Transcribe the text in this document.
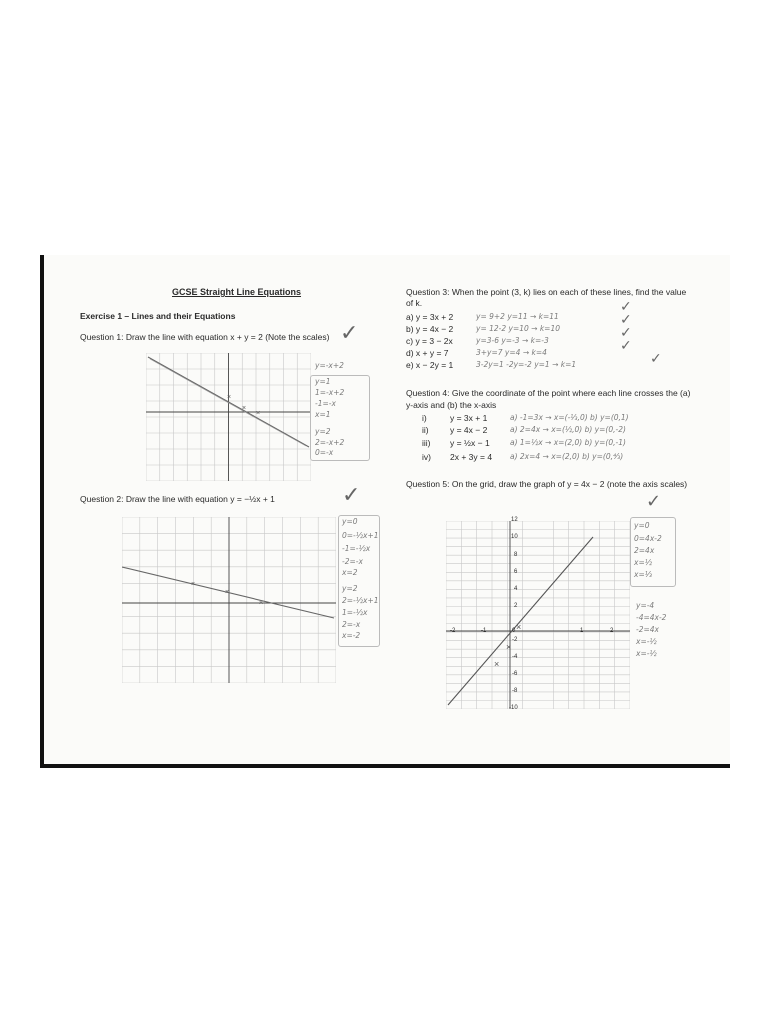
GCSE Straight Line Equations
Exercise 1 – Lines and their Equations
Question 1: Draw the line with equation x + y = 2 (Note the scales) ✓
×
×
×
y=-x+2
y=1
1=-x+2
-1=-x
x=1
y=2
2=-x+2
0=-x
Question 2: Draw the line with equation y = −½x + 1	✓
×
×
×
y=0
0=-½x+1
-1=-½x
-2=-x
x=2
y=2
2=-½x+1
1=-½x
2=-x
x=-2
Question 3: When the point (3, k) lies on each of these lines, find the value
of k.
a) y = 3x + 2	y= 9+2 y=11 → k=11
b) y = 4x − 2	y= 12-2 y=10 → k=10
c) y = 3 − 2x	y=3-6 y=-3 → k=-3
d) x + y = 7	3+y=7 y=4 → k=4
e) x − 2y = 1	3-2y=1 -2y=-2 y=1 → k=1
✓
✓
✓
✓
✓
Question 4: Give the coordinate of the point where each line crosses the (a)
y-axis and (b) the x-axis
i)	y = 3x + 1	a) -1=3x → x=(-⅓,0) b) y=(0,1)
ii)	y = 4x − 2	a) 2=4x → x=(½,0) b) y=(0,-2)
iii) y = ½x − 1	a) 1=½x → x=(2,0) b) y=(0,-1)
iv) 2x + 3y = 4 a) 2x=4 → x=(2,0) b) y=(0,⁴⁄₃)
Question 5: On the grid, draw the graph of y = 4x − 2 (note the axis scales)
✓
×
×
×
-2	-1	0	1	2
12
10
8
6
4
2
-2
-4
-6
-8
-10
y=0
0=4x-2
2=4x
x=½
x=⅓
y=-4
-4=4x-2
-2=4x
x=-½
x=-½
